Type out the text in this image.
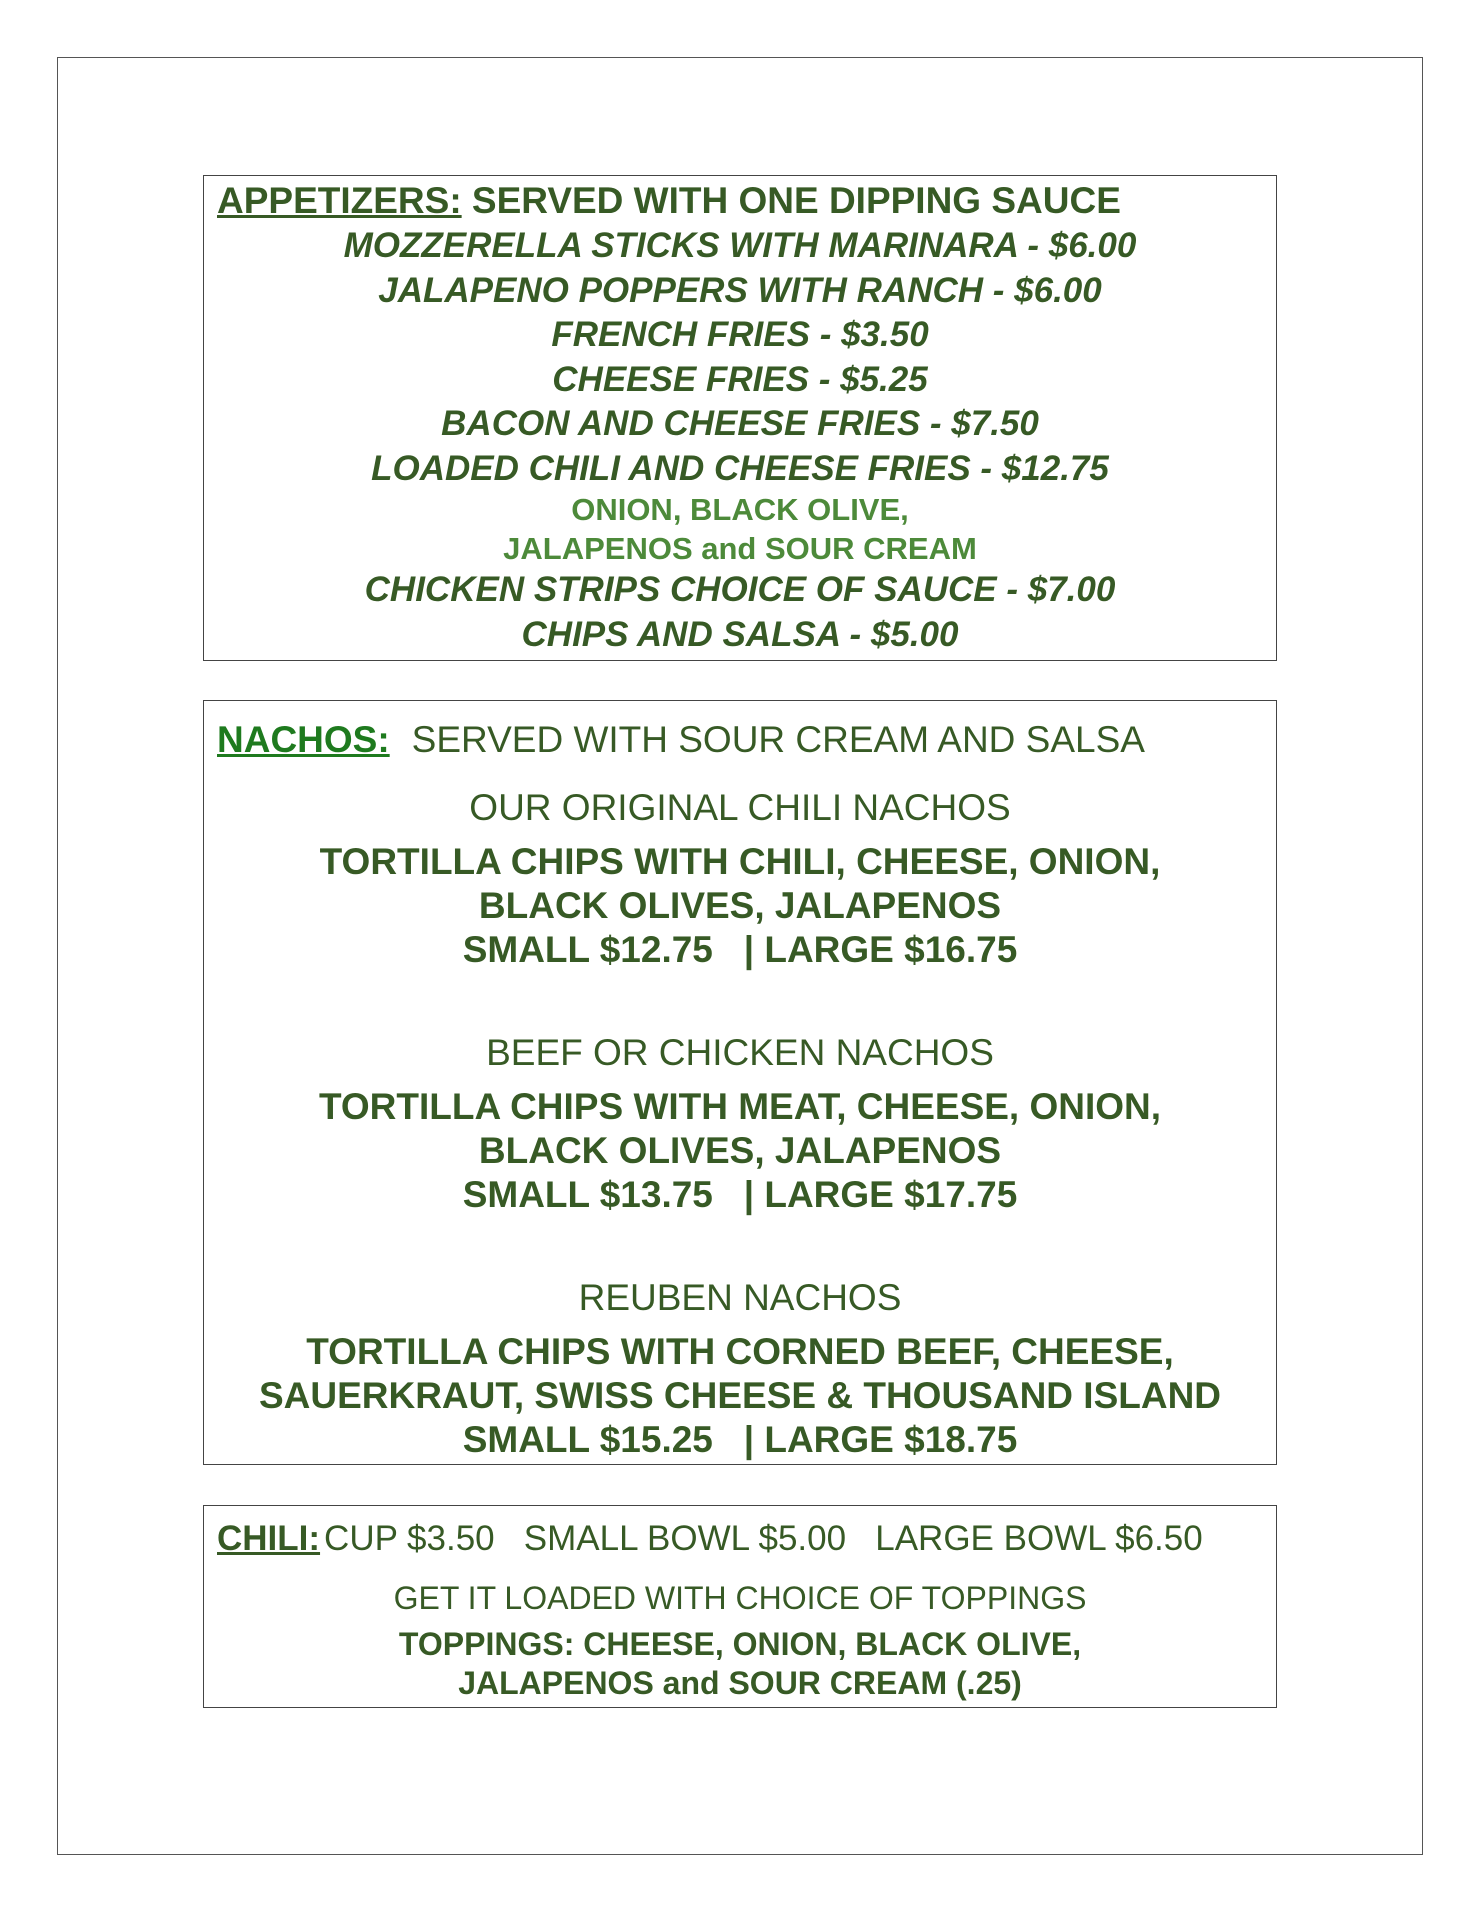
APPETIZERS: SERVED WITH ONE DIPPING SAUCE
MOZZERELLA STICKS WITH MARINARA - $6.00
JALAPENO POPPERS WITH RANCH - $6.00
FRENCH FRIES - $3.50
CHEESE FRIES - $5.25
BACON AND CHEESE FRIES - $7.50
LOADED CHILI AND CHEESE FRIES - $12.75
ONION, BLACK OLIVE,
JALAPENOS and SOUR CREAM
CHICKEN STRIPS CHOICE OF SAUCE - $7.00
CHIPS AND SALSA - $5.00
NACHOS: SERVED WITH SOUR CREAM AND SALSA
OUR ORIGINAL CHILI NACHOS
TORTILLA CHIPS WITH CHILI, CHEESE, ONION,
BLACK OLIVES, JALAPENOS
SMALL $12.75   | LARGE $16.75
BEEF OR CHICKEN NACHOS
TORTILLA CHIPS WITH MEAT, CHEESE, ONION,
BLACK OLIVES, JALAPENOS
SMALL $13.75   | LARGE $17.75
REUBEN NACHOS
TORTILLA CHIPS WITH CORNED BEEF, CHEESE,
SAUERKRAUT, SWISS CHEESE & THOUSAND ISLAND
SMALL $15.25   | LARGE $18.75
CHILI: CUP $3.50   SMALL BOWL $5.00   LARGE BOWL $6.50
GET IT LOADED WITH CHOICE OF TOPPINGS
TOPPINGS: CHEESE, ONION, BLACK OLIVE,
JALAPENOS and SOUR CREAM (.25)
